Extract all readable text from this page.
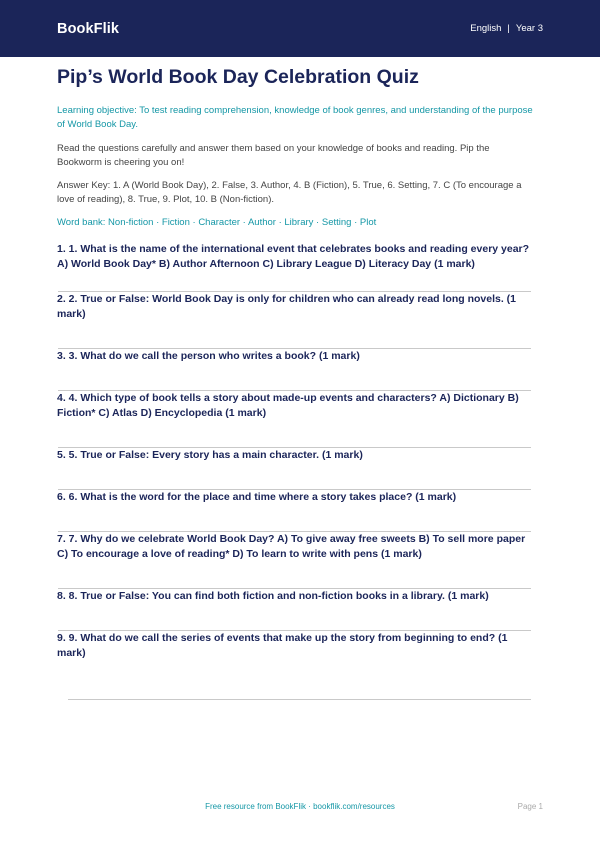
BookFlik	English | Year 3
Pip’s World Book Day Celebration Quiz

Learning objective: To test reading comprehension, knowledge of book genres, and understanding of the purpose of World Book Day.

Read the questions carefully and answer them based on your knowledge of books and reading. Pip the Bookworm is cheering you on!

Answer Key: 1. A (World Book Day), 2. False, 3. Author, 4. B (Fiction), 5. True, 6. Setting, 7. C (To encourage a love of reading), 8. True, 9. Plot, 10. B (Non-fiction).

Word bank: Non-fiction · Fiction · Character · Author · Library · Setting · Plot

1. 1. What is the name of the international event that celebrates books and reading every year? A) World Book Day* B) Author Afternoon C) Library League D) Literacy Day (1 mark)

2. 2. True or False: World Book Day is only for children who can already read long novels. (1 mark)

3. 3. What do we call the person who writes a book? (1 mark)

4. 4. Which type of book tells a story about made-up events and characters? A) Dictionary B) Fiction* C) Atlas D) Encyclopedia (1 mark)

5. 5. True or False: Every story has a main character. (1 mark)

6. 6. What is the word for the place and time where a story takes place? (1 mark)

7. 7. Why do we celebrate World Book Day? A) To give away free sweets B) To sell more paper C) To encourage a love of reading* D) To learn to write with pens (1 mark)

8. 8. True or False: You can find both fiction and non-fiction books in a library. (1 mark)

9. 9. What do we call the series of events that make up the story from beginning to end? (1 mark)

Free resource from BookFlik · bookflik.com/resources	Page 1
